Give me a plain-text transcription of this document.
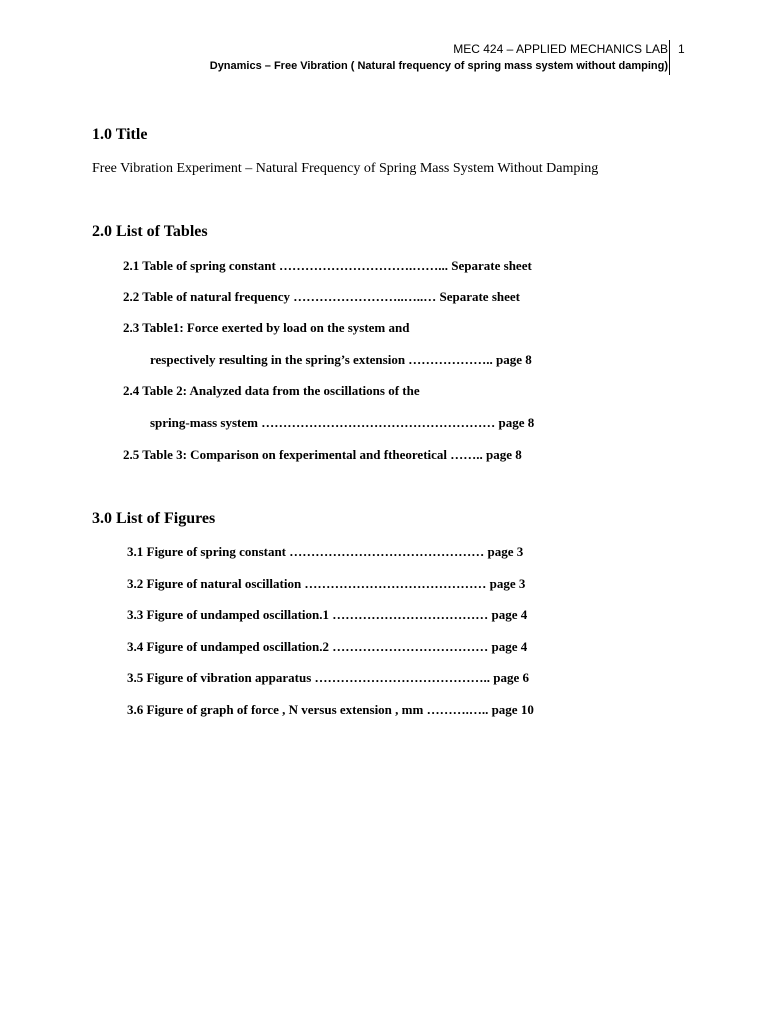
MEC 424 – APPLIED MECHANICS LAB
Dynamics – Free Vibration ( Natural frequency of spring mass system without damping)
1
1.0 Title
Free Vibration Experiment – Natural Frequency of Spring Mass System Without Damping
2.0 List of Tables
2.1 Table of spring constant ………………………….……... Separate sheet
2.2 Table of natural frequency ……………………..…..… Separate sheet
2.3 Table1: Force exerted by load on the system and
respectively resulting in the spring’s extension ……………….. page 8
2.4 Table 2: Analyzed data from the oscillations of the
spring-mass system ……………………………………………… page 8
2.5 Table 3: Comparison on fexperimental and ftheoretical …….. page 8
3.0 List of Figures
3.1 Figure of spring constant ……………………………………… page 3
3.2 Figure of natural oscillation …………………………………… page 3
3.3 Figure of undamped oscillation.1 ……………………………… page 4
3.4 Figure of undamped oscillation.2 ……………………………… page 4
3.5 Figure of vibration apparatus ………………………………….. page 6
3.6 Figure of graph of force , N versus extension , mm ……….….. page 10
